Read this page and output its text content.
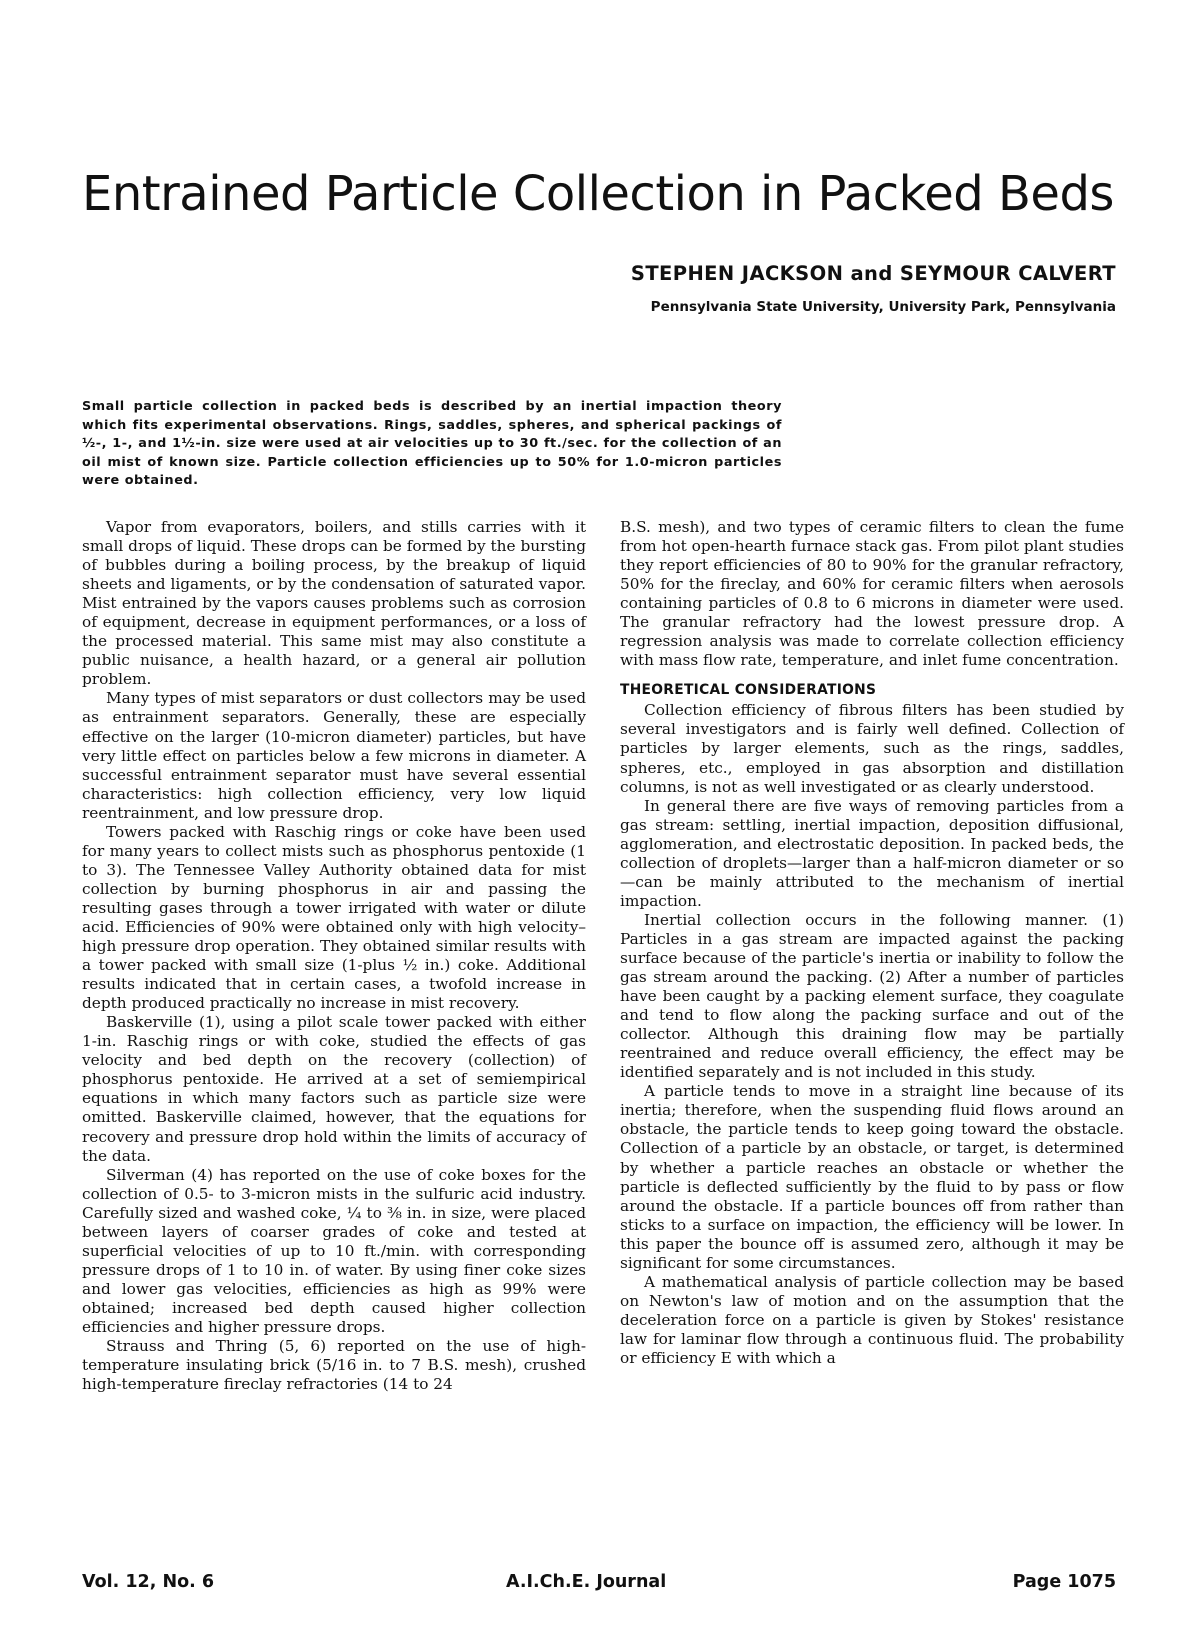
Entrained Particle Collection in Packed Beds
STEPHEN JACKSON and SEYMOUR CALVERT
Pennsylvania State University, University Park, Pennsylvania

Small particle collection in packed beds is described by an inertial impaction theory which fits experimental observations. Rings, saddles, spheres, and spherical packings of ½-, 1-, and 1½-in. size were used at air velocities up to 30 ft./sec. for the collection of an oil mist of known size. Particle collection efficiencies up to 50% for 1.0-micron particles were obtained.

Vapor from evaporators, boilers, and stills carries with it small drops of liquid. These drops can be formed by the bursting of bubbles during a boiling process, by the breakup of liquid sheets and ligaments, or by the condensation of saturated vapor. Mist entrained by the vapors causes problems such as corrosion of equipment, decrease in equipment performances, or a loss of the processed material. This same mist may also constitute a public nuisance, a health hazard, or a general air pollution problem.

Many types of mist separators or dust collectors may be used as entrainment separators. Generally, these are especially effective on the larger (10-micron diameter) particles, but have very little effect on particles below a few microns in diameter. A successful entrainment separator must have several essential characteristics: high collection efficiency, very low liquid reentrainment, and low pressure drop.

Towers packed with Raschig rings or coke have been used for many years to collect mists such as phosphorus pentoxide (1 to 3). The Tennessee Valley Authority obtained data for mist collection by burning phosphorus in air and passing the resulting gases through a tower irrigated with water or dilute acid. Efficiencies of 90% were obtained only with high velocity–high pressure drop operation. They obtained similar results with a tower packed with small size (1-plus ½ in.) coke. Additional results indicated that in certain cases, a twofold increase in depth produced practically no increase in mist recovery.

Baskerville (1), using a pilot scale tower packed with either 1-in. Raschig rings or with coke, studied the effects of gas velocity and bed depth on the recovery (collection) of phosphorus pentoxide. He arrived at a set of semiempirical equations in which many factors such as particle size were omitted. Baskerville claimed, however, that the equations for recovery and pressure drop hold within the limits of accuracy of the data.

Silverman (4) has reported on the use of coke boxes for the collection of 0.5- to 3-micron mists in the sulfuric acid industry. Carefully sized and washed coke, ¼ to ⅜ in. in size, were placed between layers of coarser grades of coke and tested at superficial velocities of up to 10 ft./min. with corresponding pressure drops of 1 to 10 in. of water. By using finer coke sizes and lower gas velocities, efficiencies as high as 99% were obtained; increased bed depth caused higher collection efficiencies and higher pressure drops.

Strauss and Thring (5, 6) reported on the use of high-temperature insulating brick (5/16 in. to 7 B.S. mesh), crushed high-temperature fireclay refractories (14 to 24

B.S. mesh), and two types of ceramic filters to clean the fume from hot open-hearth furnace stack gas. From pilot plant studies they report efficiencies of 80 to 90% for the granular refractory, 50% for the fireclay, and 60% for ceramic filters when aerosols containing particles of 0.8 to 6 microns in diameter were used. The granular refractory had the lowest pressure drop. A regression analysis was made to correlate collection efficiency with mass flow rate, temperature, and inlet fume concentration.

THEORETICAL CONSIDERATIONS

Collection efficiency of fibrous filters has been studied by several investigators and is fairly well defined. Collection of particles by larger elements, such as the rings, saddles, spheres, etc., employed in gas absorption and distillation columns, is not as well investigated or as clearly understood.

In general there are five ways of removing particles from a gas stream: settling, inertial impaction, deposition diffusional, agglomeration, and electrostatic deposition. In packed beds, the collection of droplets—larger than a half-micron diameter or so—can be mainly attributed to the mechanism of inertial impaction.

Inertial collection occurs in the following manner. (1) Particles in a gas stream are impacted against the packing surface because of the particle's inertia or inability to follow the gas stream around the packing. (2) After a number of particles have been caught by a packing element surface, they coagulate and tend to flow along the packing surface and out of the collector. Although this draining flow may be partially reentrained and reduce overall efficiency, the effect may be identified separately and is not included in this study.

A particle tends to move in a straight line because of its inertia; therefore, when the suspending fluid flows around an obstacle, the particle tends to keep going toward the obstacle. Collection of a particle by an obstacle, or target, is determined by whether a particle reaches an obstacle or whether the particle is deflected sufficiently by the fluid to by pass or flow around the obstacle. If a particle bounces off from rather than sticks to a surface on impaction, the efficiency will be lower. In this paper the bounce off is assumed zero, although it may be significant for some circumstances.

A mathematical analysis of particle collection may be based on Newton's law of motion and on the assumption that the deceleration force on a particle is given by Stokes' resistance law for laminar flow through a continuous fluid. The probability or efficiency E with which a

Vol. 12, No. 6	A.I.Ch.E. Journal	Page 1075
